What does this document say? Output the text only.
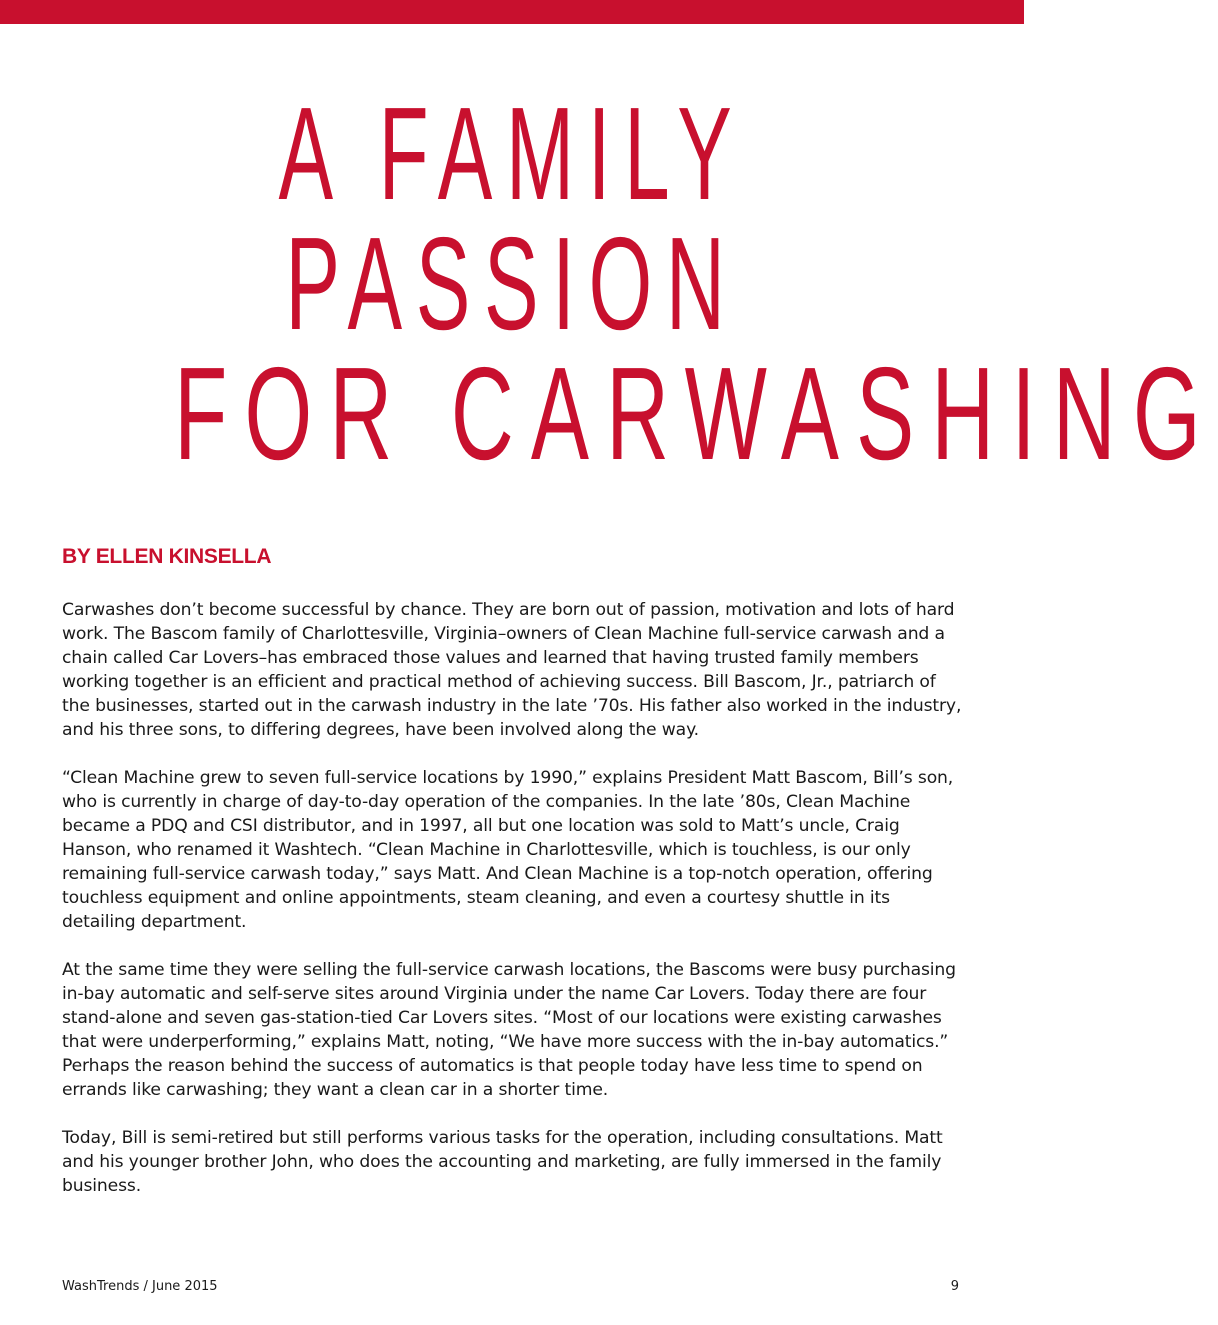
A FAMILY
PASSION
FOR CARWASHING
BY ELLEN KINSELLA

Carwashes don’t become successful by chance. They are born out of passion, motivation and lots of hard work. The Bascom family of Charlottesville, Virginia–owners of Clean Machine full-service carwash and a chain called Car Lovers–has embraced those values and learned that having trusted family members working together is an efficient and practical method of achieving success. Bill Bascom, Jr., patriarch of the businesses, started out in the carwash industry in the late ’70s. His father also worked in the industry, and his three sons, to differing degrees, have been involved along the way.

“Clean Machine grew to seven full-service locations by 1990,” explains President Matt Bascom, Bill’s son, who is currently in charge of day-to-day operation of the companies. In the late ’80s, Clean Machine became a PDQ and CSI distributor, and in 1997, all but one location was sold to Matt’s uncle, Craig Hanson, who renamed it Washtech. “Clean Machine in Charlottesville, which is touchless, is our only remaining full-service carwash today,” says Matt. And Clean Machine is a top-notch operation, offering touchless equipment and online appointments, steam cleaning, and even a courtesy shuttle in its detailing department.

At the same time they were selling the full-service carwash locations, the Bascoms were busy purchasing in-bay automatic and self-serve sites around Virginia under the name Car Lovers. Today there are four stand-alone and seven gas-station-tied Car Lovers sites. “Most of our locations were existing carwashes that were underperforming,” explains Matt, noting, “We have more success with the in-bay automatics.” Perhaps the reason behind the success of automatics is that people today have less time to spend on errands like carwashing; they want a clean car in a shorter time.

Today, Bill is semi-retired but still performs various tasks for the operation, including consultations. Matt and his younger brother John, who does the accounting and marketing, are fully immersed in the family business.

WashTrends / June 2015	9
